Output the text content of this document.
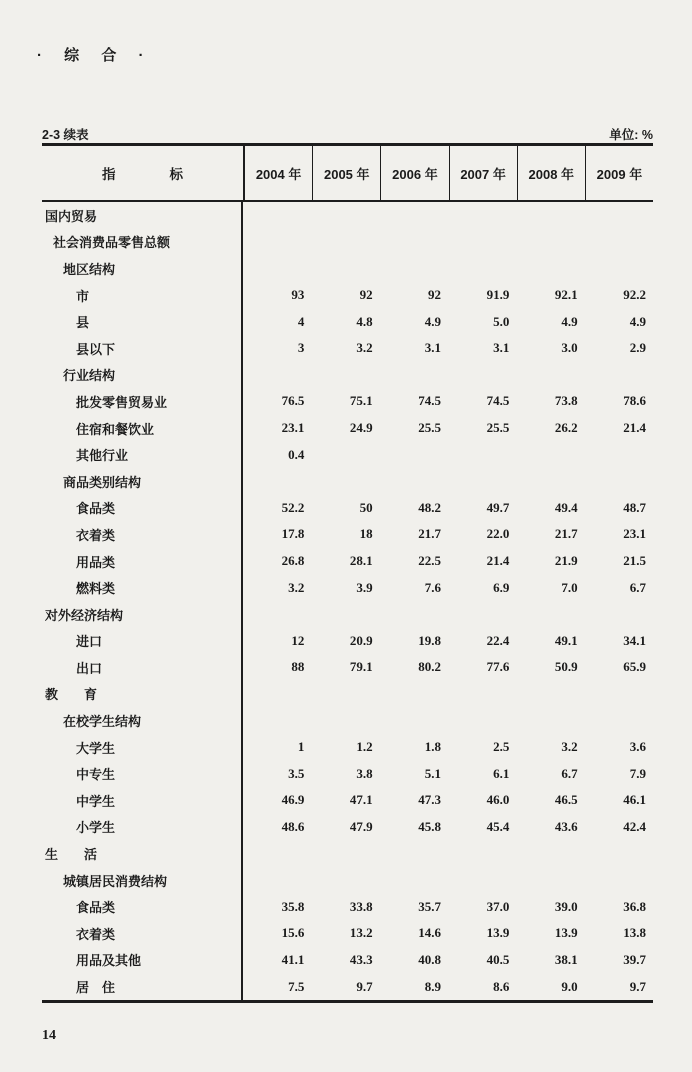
· 综 合 ·
2-3 续表	单位: %
指　　　　标	2004 年	2005 年	2006 年	2007 年	2008 年	2009 年
国内贸易
社会消费品零售总额
地区结构
市	93	92	92	91.9	92.1	92.2
县	4	4.8	4.9	5.0	4.9	4.9
县以下	3	3.2	3.1	3.1	3.0	2.9
行业结构
批发零售贸易业	76.5	75.1	74.5	74.5	73.8	78.6
住宿和餐饮业	23.1	24.9	25.5	25.5	26.2	21.4
其他行业	0.4
商品类别结构
食品类	52.2	50	48.2	49.7	49.4	48.7
衣着类	17.8	18	21.7	22.0	21.7	23.1
用品类	26.8	28.1	22.5	21.4	21.9	21.5
燃料类	3.2	3.9	7.6	6.9	7.0	6.7
对外经济结构
进口	12	20.9	19.8	22.4	49.1	34.1
出口	88	79.1	80.2	77.6	50.9	65.9
教　　育
在校学生结构
大学生	1	1.2	1.8	2.5	3.2	3.6
中专生	3.5	3.8	5.1	6.1	6.7	7.9
中学生	46.9	47.1	47.3	46.0	46.5	46.1
小学生	48.6	47.9	45.8	45.4	43.6	42.4
生　　活
城镇居民消费结构
食品类	35.8	33.8	35.7	37.0	39.0	36.8
衣着类	15.6	13.2	14.6	13.9	13.9	13.8
用品及其他	41.1	43.3	40.8	40.5	38.1	39.7
居　住	7.5	9.7	8.9	8.6	9.0	9.7
14
